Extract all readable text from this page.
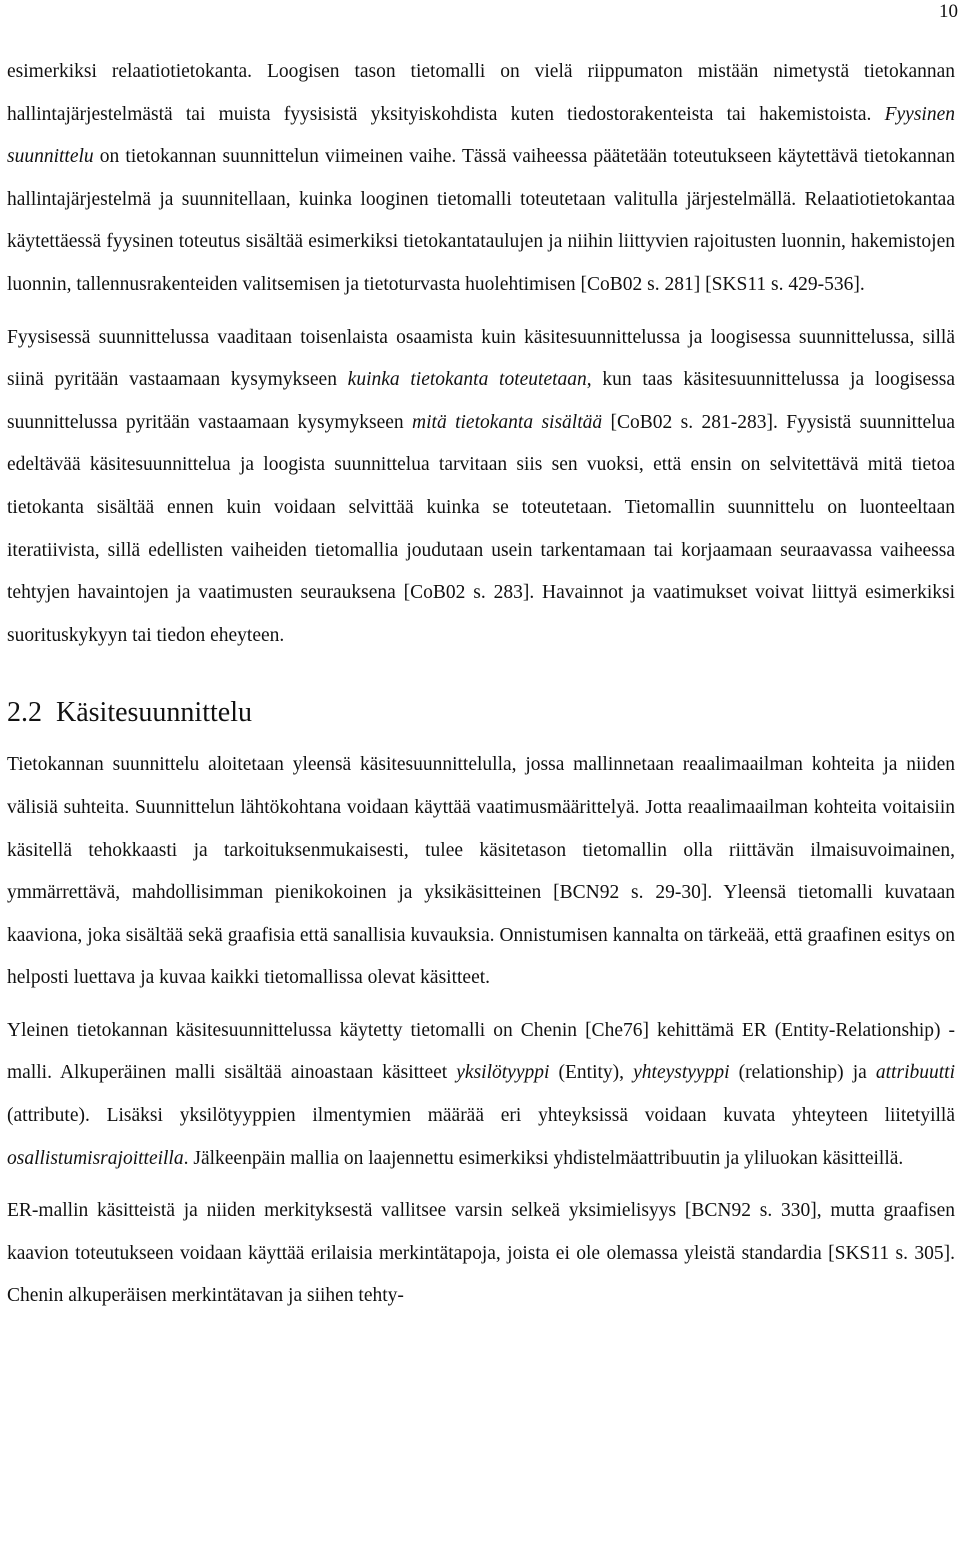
10

esimerkiksi relaatiotietokanta. Loogisen tason tietomalli on vielä riippumaton mistään nimetystä tietokannan hallintajärjestelmästä tai muista fyysisistä yksityiskohdista kuten tiedostorakenteista tai hakemistoista. Fyysinen suunnittelu on tietokannan suunnittelun viimeinen vaihe. Tässä vaiheessa päätetään toteutukseen käytettävä tietokannan hallintajärjestelmä ja suunnitellaan, kuinka looginen tietomalli toteutetaan valitulla järjestelmällä. Relaatiotietokantaa käytettäessä fyysinen toteutus sisältää esimerkiksi tietokantataulujen ja niihin liittyvien rajoitusten luonnin, hakemistojen luonnin, tallennusrakenteiden valitsemisen ja tietoturvasta huolehtimisen [CoB02 s. 281] [SKS11 s. 429-536].

Fyysisessä suunnittelussa vaaditaan toisenlaista osaamista kuin käsitesuunnittelussa ja loogisessa suunnittelussa, sillä siinä pyritään vastaamaan kysymykseen kuinka tietokanta toteutetaan, kun taas käsitesuunnittelussa ja loogisessa suunnittelussa pyritään vastaamaan kysymykseen mitä tietokanta sisältää [CoB02 s. 281-283]. Fyysistä suunnittelua edeltävää käsitesuunnittelua ja loogista suunnittelua tarvitaan siis sen vuoksi, että ensin on selvitettävä mitä tietoa tietokanta sisältää ennen kuin voidaan selvittää kuinka se toteutetaan. Tietomallin suunnittelu on luonteeltaan iteratiivista, sillä edellisten vaiheiden tietomallia joudutaan usein tarkentamaan tai korjaamaan seuraavassa vaiheessa tehtyjen havaintojen ja vaatimusten seurauksena [CoB02 s. 283]. Havainnot ja vaatimukset voivat liittyä esimerkiksi suorituskykyyn tai tiedon eheyteen.

2.2 Käsitesuunnittelu

Tietokannan suunnittelu aloitetaan yleensä käsitesuunnittelulla, jossa mallinnetaan reaalimaailman kohteita ja niiden välisiä suhteita. Suunnittelun lähtökohtana voidaan käyttää vaatimusmäärittelyä. Jotta reaalimaailman kohteita voitaisiin käsitellä tehokkaasti ja tarkoituksenmukaisesti, tulee käsitetason tietomallin olla riittävän ilmaisuvoimainen, ymmärrettävä, mahdollisimman pienikokoinen ja yksikäsitteinen [BCN92 s. 29-30]. Yleensä tietomalli kuvataan kaaviona, joka sisältää sekä graafisia että sanallisia kuvauksia. Onnistumisen kannalta on tärkeää, että graafinen esitys on helposti luettava ja kuvaa kaikki tietomallissa olevat käsitteet.

Yleinen tietokannan käsitesuunnittelussa käytetty tietomalli on Chenin [Che76] kehittämä ER (Entity-Relationship) -malli. Alkuperäinen malli sisältää ainoastaan käsitteet yksilötyyppi (Entity), yhteystyyppi (relationship) ja attribuutti (attribute). Lisäksi yksilötyyppien ilmentymien määrää eri yhteyksissä voidaan kuvata yhteyteen liitetyillä osallistumisrajoitteilla. Jälkeenpäin mallia on laajennettu esimerkiksi yhdistelmäattribuutin ja yliluokan käsitteillä.

ER-mallin käsitteistä ja niiden merkityksestä vallitsee varsin selkeä yksimielisyys [BCN92 s. 330], mutta graafisen kaavion toteutukseen voidaan käyttää erilaisia merkintätapoja, joista ei ole olemassa yleistä standardia [SKS11 s. 305]. Chenin alkuperäisen merkintätavan ja siihen tehty-
